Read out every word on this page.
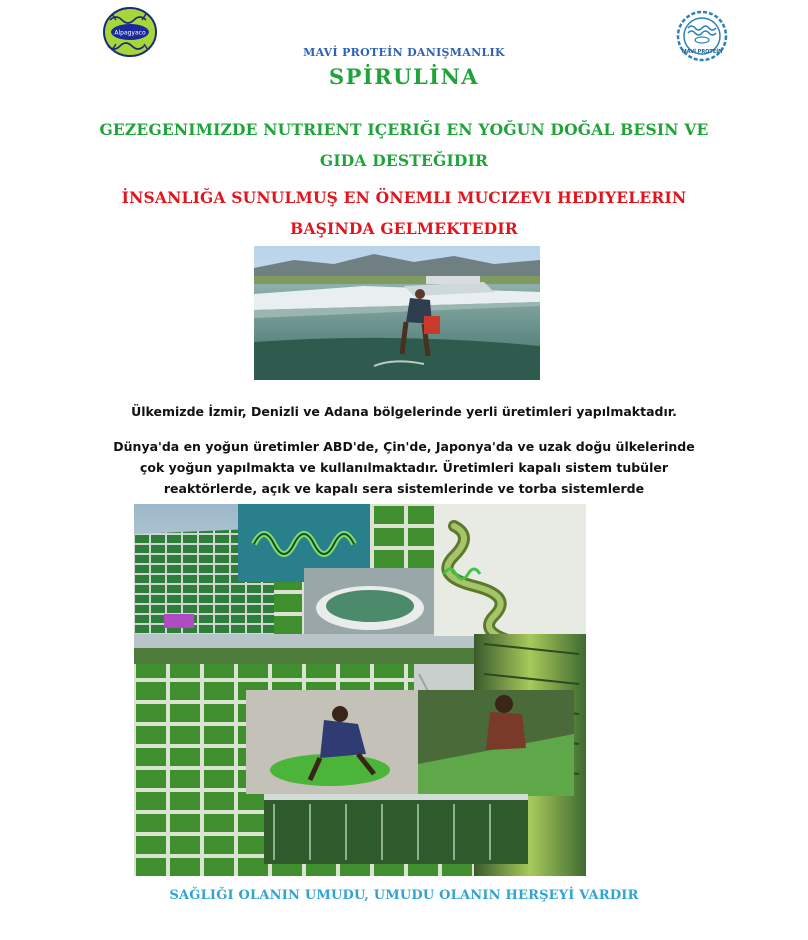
Alpagyaco
MAVİ PROTEİN
MAVİ PROTEİN DANIŞMANLIK
SPİRULİNA
GEZEGENIMIZDE NUTRIENT IÇERIĞI EN YOĞUN DOĞAL BESIN VE GIDA DESTEĞIDIR
İNSANLIĞA SUNULMUŞ EN ÖNEMLI MUCIZEVI HEDIYELERIN BAŞINDA GELMEKTEDIR
Ülkemizde İzmir, Denizli ve Adana bölgelerinde yerli üretimleri yapılmaktadır.
Dünya'da en yoğun üretimler ABD'de, Çin'de, Japonya'da ve uzak doğu ülkelerinde çok yoğun yapılmakta ve kullanılmaktadır. Üretimleri kapalı sistem tubüler reaktörlerde, açık ve kapalı sera sistemlerinde ve torba sistemlerde
SAĞLIĞI OLANIN UMUDU, UMUDU OLANIN HERŞEYİ VARDIR
